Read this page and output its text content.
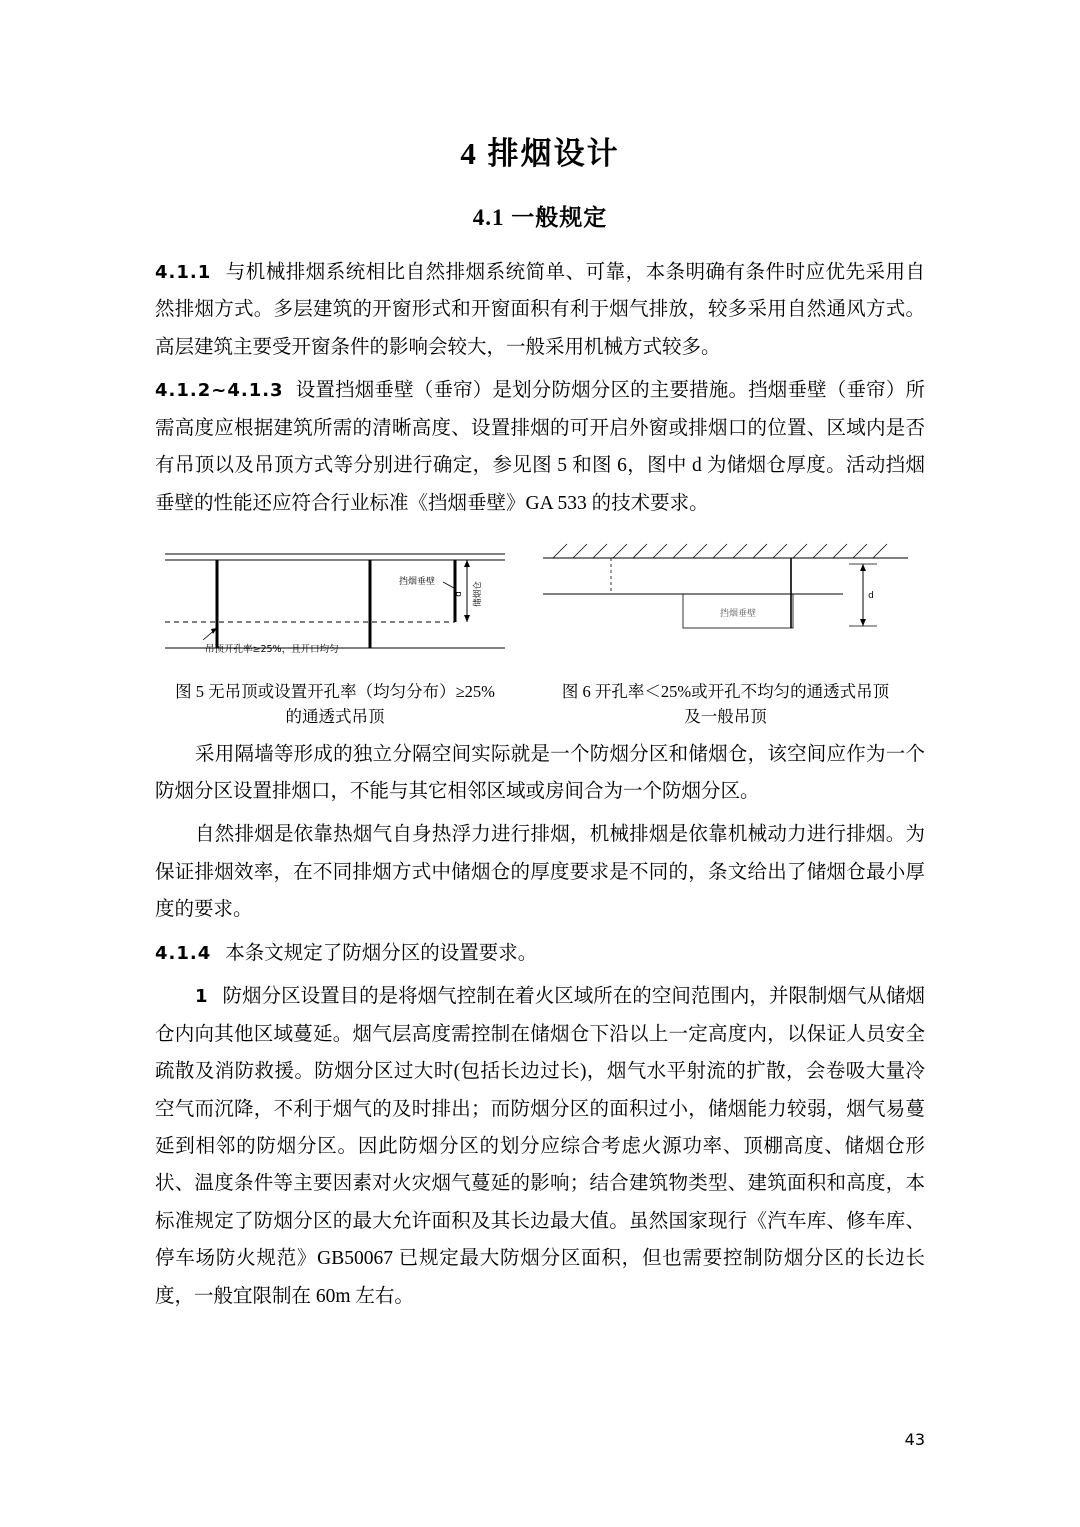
4 排烟设计
4.1 一般规定

4.1.1 与机械排烟系统相比自然排烟系统简单、可靠，本条明确有条件时应优先采用自然排烟方式。多层建筑的开窗形式和开窗面积有利于烟气排放，较多采用自然通风方式。高层建筑主要受开窗条件的影响会较大，一般采用机械方式较多。

4.1.2~4.1.3 设置挡烟垂壁（垂帘）是划分防烟分区的主要措施。挡烟垂壁（垂帘）所需高度应根据建筑所需的清晰高度、设置排烟的可开启外窗或排烟口的位置、区域内是否有吊顶以及吊顶方式等分别进行确定，参见图 5 和图 6，图中 d 为储烟仓厚度。活动挡烟垂壁的性能还应符合行业标准《挡烟垂壁》GA 533 的技术要求。

d 储烟仓
挡烟垂壁
吊顶开孔率≥25%，且开口均匀
图 5 无吊顶或设置开孔率（均匀分布）≥25%
的通透式吊顶
挡烟垂壁
d
图 6 开孔率＜25%或开孔不均匀的通透式吊顶
及一般吊顶

采用隔墙等形成的独立分隔空间实际就是一个防烟分区和储烟仓，该空间应作为一个防烟分区设置排烟口，不能与其它相邻区域或房间合为一个防烟分区。

自然排烟是依靠热烟气自身热浮力进行排烟，机械排烟是依靠机械动力进行排烟。为保证排烟效率，在不同排烟方式中储烟仓的厚度要求是不同的，条文给出了储烟仓最小厚度的要求。

4.1.4 本条文规定了防烟分区的设置要求。

1 防烟分区设置目的是将烟气控制在着火区域所在的空间范围内，并限制烟气从储烟仓内向其他区域蔓延。烟气层高度需控制在储烟仓下沿以上一定高度内，以保证人员安全疏散及消防救援。防烟分区过大时(包括长边过长)，烟气水平射流的扩散，会卷吸大量冷空气而沉降，不利于烟气的及时排出；而防烟分区的面积过小，储烟能力较弱，烟气易蔓延到相邻的防烟分区。因此防烟分区的划分应综合考虑火源功率、顶棚高度、储烟仓形状、温度条件等主要因素对火灾烟气蔓延的影响；结合建筑物类型、建筑面积和高度，本标准规定了防烟分区的最大允许面积及其长边最大值。虽然国家现行《汽车库、修车库、停车场防火规范》GB50067 已规定最大防烟分区面积，但也需要控制防烟分区的长边长度，一般宜限制在 60m 左右。

43
